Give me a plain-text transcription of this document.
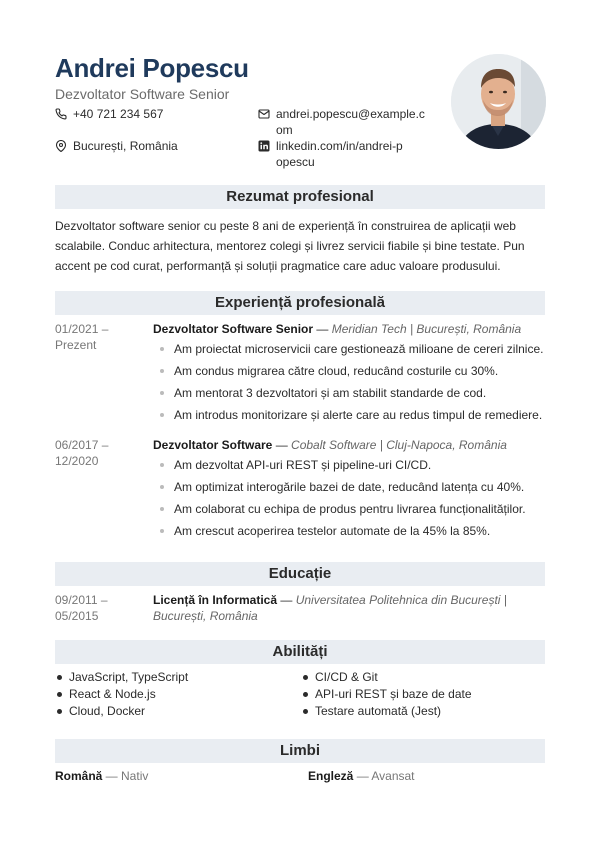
Andrei Popescu
Dezvoltator Software Senior
+40 721 234 567	andrei.popescu@example.com
București, România	linkedin.com/in/andrei-popescu
Rezumat profesional
Dezvoltator software senior cu peste 8 ani de experiență în construirea de aplicații web scalabile. Conduc arhitectura, mentorez colegi și livrez servicii fiabile și bine testate. Pun accent pe cod curat, performanță și soluții pragmatice care aduc valoare produsului.
Experiență profesională
01/2021 –
Prezent
Dezvoltator Software Senior — Meridian Tech | București, România
Am proiectat microservicii care gestionează milioane de cereri zilnice.
Am condus migrarea către cloud, reducând costurile cu 30%.
Am mentorat 3 dezvoltatori și am stabilit standarde de cod.
Am introdus monitorizare și alerte care au redus timpul de remediere.
06/2017 –
12/2020
Dezvoltator Software — Cobalt Software | Cluj-Napoca, România
Am dezvoltat API-uri REST și pipeline-uri CI/CD.
Am optimizat interogările bazei de date, reducând latența cu 40%.
Am colaborat cu echipa de produs pentru livrarea funcționalităților.
Am crescut acoperirea testelor automate de la 45% la 85%.
Educație
09/2011 –
05/2015
Licență în Informatică — Universitatea Politehnica din București | București, România
Abilități
JavaScript, TypeScript
React & Node.js
Cloud, Docker
CI/CD & Git
API-uri REST și baze de date
Testare automată (Jest)
Limbi
Română — Nativ	Engleză — Avansat
